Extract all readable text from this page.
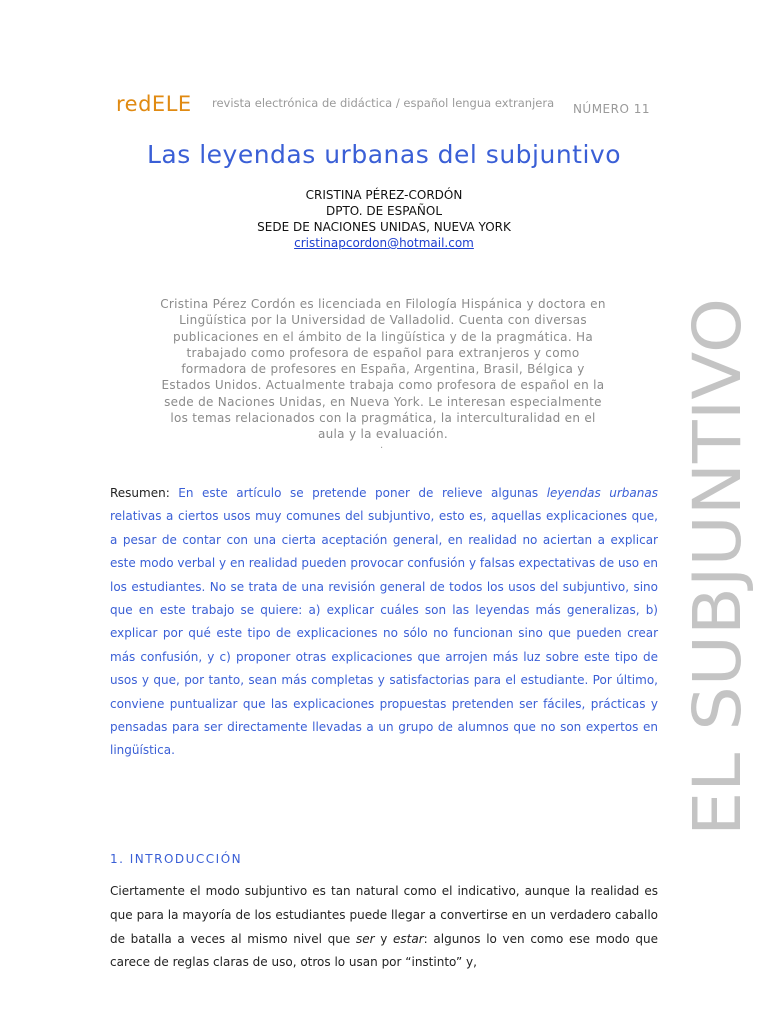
redELE revista electrónica de didáctica / español lengua extranjera NÚMERO 11
Las leyendas urbanas del subjuntivo
CRISTINA PÉREZ-CORDÓN
DPTO. DE ESPAÑOL
SEDE DE NACIONES UNIDAS, NUEVA YORK
cristinapcordon@hotmail.com
Cristina Pérez Cordón es licenciada en Filología Hispánica y doctora en Lingüística por la Universidad de Valladolid. Cuenta con diversas publicaciones en el ámbito de la lingüística y de la pragmática. Ha trabajado como profesora de español para extranjeros y como formadora de profesores en España, Argentina, Brasil, Bélgica y Estados Unidos. Actualmente trabaja como profesora de español en la sede de Naciones Unidas, en Nueva York. Le interesan especialmente los temas relacionados con la pragmática, la interculturalidad en el aula y la evaluación.
.
Resumen: En este artículo se pretende poner de relieve algunas leyendas urbanas relativas a ciertos usos muy comunes del subjuntivo, esto es, aquellas explicaciones que, a pesar de contar con una cierta aceptación general, en realidad no aciertan a explicar este modo verbal y en realidad pueden provocar confusión y falsas expectativas de uso en los estudiantes. No se trata de una revisión general de todos los usos del subjuntivo, sino que en este trabajo se quiere: a) explicar cuáles son las leyendas más generalizas, b) explicar por qué este tipo de explicaciones no sólo no funcionan sino que pueden crear más confusión, y c) proponer otras explicaciones que arrojen más luz sobre este tipo de usos y que, por tanto, sean más completas y satisfactorias para el estudiante. Por último, conviene puntualizar que las explicaciones propuestas pretenden ser fáciles, prácticas y pensadas para ser directamente llevadas a un grupo de alumnos que no son expertos en lingüística.
1. INTRODUCCIÓN
Ciertamente el modo subjuntivo es tan natural como el indicativo, aunque la realidad es que para la mayoría de los estudiantes puede llegar a convertirse en un verdadero caballo de batalla a veces al mismo nivel que ser y estar: algunos lo ven como ese modo que carece de reglas claras de uso, otros lo usan por “instinto” y,
EL SUBJUNTIVO
